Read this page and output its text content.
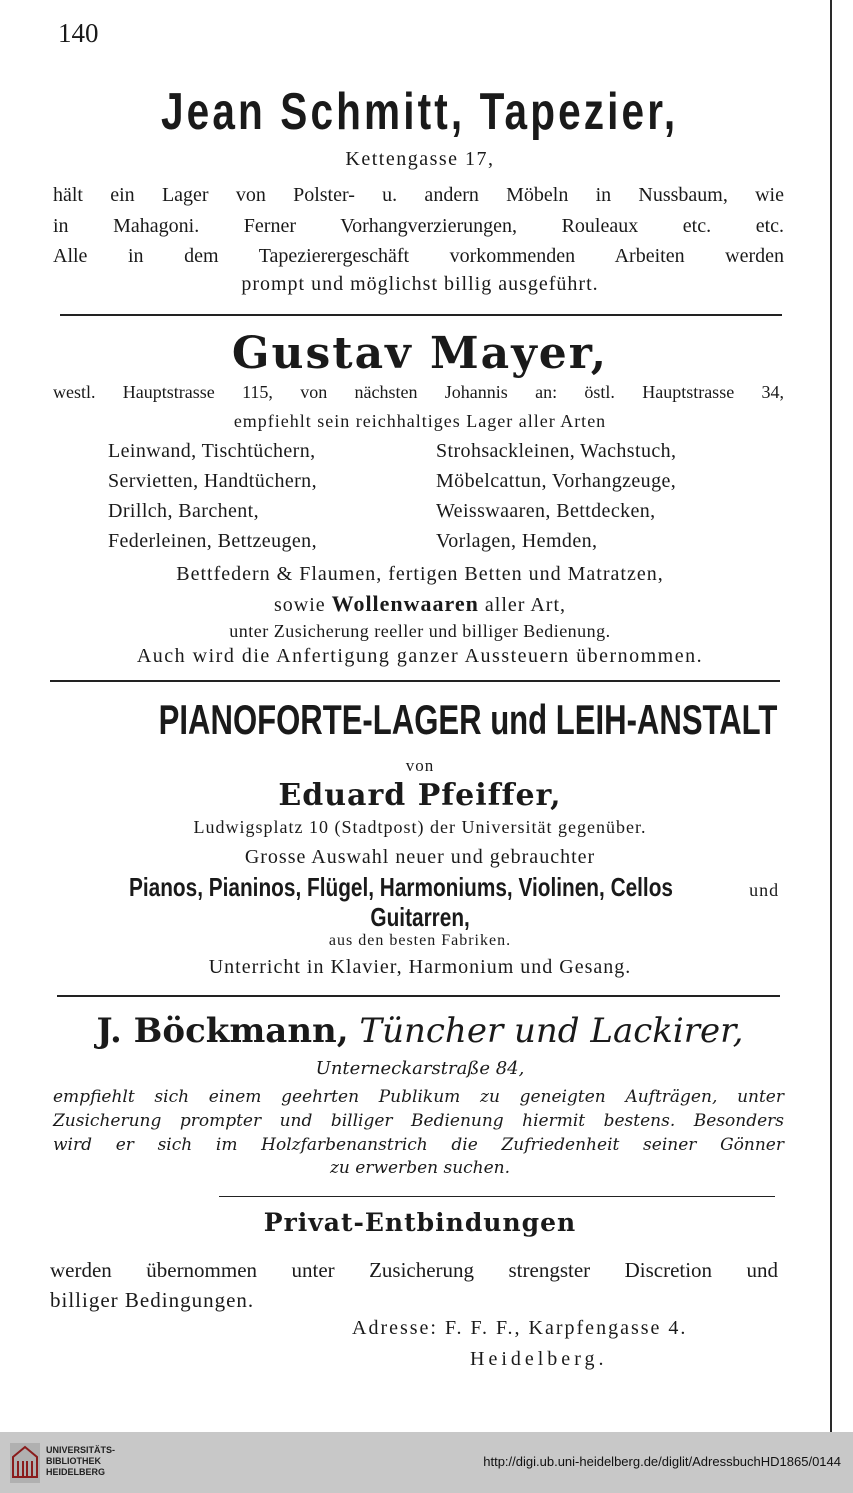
140
Jean Schmitt, Tapezier,
Kettengasse 17,
hält ein Lager von Polster- u. andern Möbeln in Nussbaum, wie
in Mahagoni. Ferner Vorhangverzierungen, Rouleaux etc. etc.
Alle in dem Tapezierergeschäft vorkommenden Arbeiten werden
prompt und möglichst billig ausgeführt.
Gustav Mayer,
westl. Hauptstrasse 115, von nächsten Johannis an: östl. Hauptstrasse 34,
empfiehlt sein reichhaltiges Lager aller Arten
Leinwand, Tischtüchern,
Servietten, Handtüchern,
Drillch, Barchent,
Federleinen, Bettzeugen,
Strohsackleinen, Wachstuch,
Möbelcattun, Vorhangzeuge,
Weisswaaren, Bettdecken,
Vorlagen, Hemden,
Bettfedern & Flaumen, fertigen Betten und Matratzen,
sowie Wollenwaaren aller Art,
unter Zusicherung reeller und billiger Bedienung.
Auch wird die Anfertigung ganzer Aussteuern übernommen.
PIANOFORTE-LAGER und LEIH-ANSTALT
von
Eduard Pfeiffer,
Ludwigsplatz 10 (Stadtpost) der Universität gegenüber.
Grosse Auswahl neuer und gebrauchter
Pianos, Pianinos, Flügel, Harmoniums, Violinen, Cellos	und
Guitarren,
aus den besten Fabriken.
Unterricht in Klavier, Harmonium und Gesang.
J. Böckmann, Tüncher und Lackirer,
Unterneckarstraße 84,
empfiehlt sich einem geehrten Publikum zu geneigten Aufträgen, unter
Zusicherung prompter und billiger Bedienung hiermit bestens. Besonders
wird er sich im Holzfarbenanstrich die Zufriedenheit seiner Gönner
zu erwerben suchen.
Privat-Entbindungen
werden übernommen unter Zusicherung strengster Discretion und
billiger Bedingungen.
Adresse: F. F. F., Karpfengasse 4.
Heidelberg.
UNIVERSITÄTS-
BIBLIOTHEK
HEIDELBERG
http://digi.ub.uni-heidelberg.de/diglit/AdressbuchHD1865/0144
